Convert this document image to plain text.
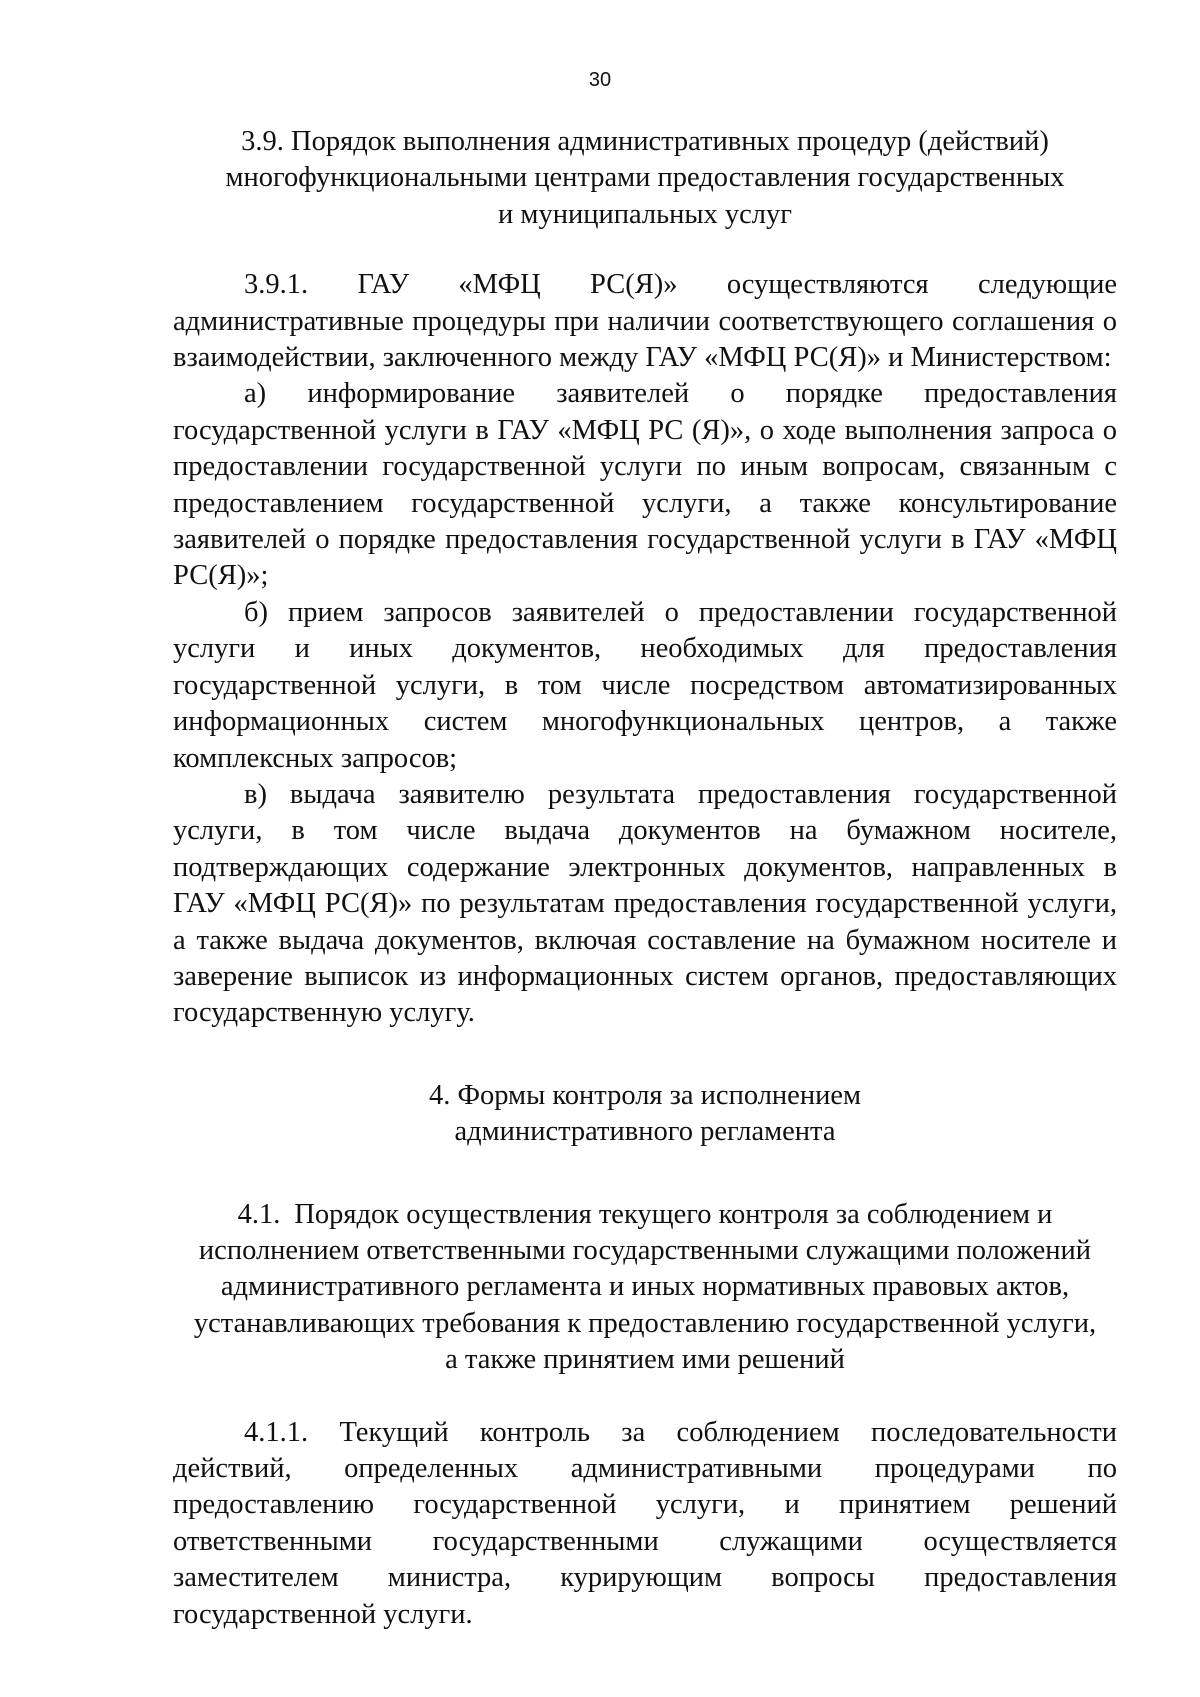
30
3.9. Порядок выполнения административных процедур (действий)
многофункциональными центрами предоставления государственных
и муниципальных услуг

3.9.1. ГАУ «МФЦ РС(Я)» осуществляются следующие административные процедуры при наличии соответствующего соглашения о взаимодействии, заключенного между ГАУ «МФЦ РС(Я)» и Министерством:

а) информирование заявителей о порядке предоставления государственной услуги в ГАУ «МФЦ РС (Я)», о ходе выполнения запроса о предоставлении государственной услуги по иным вопросам, связанным с предоставлением государственной услуги, а также консультирование заявителей о порядке предоставления государственной услуги в ГАУ «МФЦ РС(Я)»;

б) прием запросов заявителей о предоставлении государственной услуги и иных документов, необходимых для предоставления государственной услуги, в том числе посредством автоматизированных информационных систем многофункциональных центров, а также комплексных запросов;

в) выдача заявителю результата предоставления государственной услуги, в том числе выдача документов на бумажном носителе, подтверждающих содержание электронных документов, направленных в ГАУ «МФЦ РС(Я)» по результатам предоставления государственной услуги, а также выдача документов, включая составление на бумажном носителе и заверение выписок из информационных систем органов, предоставляющих государственную услугу.

4. Формы контроля за исполнением
административного регламента
4.1. Порядок осуществления текущего контроля за соблюдением и
исполнением ответственными государственными служащими положений
административного регламента и иных нормативных правовых актов,
устанавливающих требования к предоставлению государственной услуги,
а также принятием ими решений

4.1.1. Текущий контроль за соблюдением последовательности действий, определенных административными процедурами по предоставлению государственной услуги, и принятием решений ответственными государственными служащими осуществляется заместителем министра, курирующим вопросы предоставления государственной услуги.
